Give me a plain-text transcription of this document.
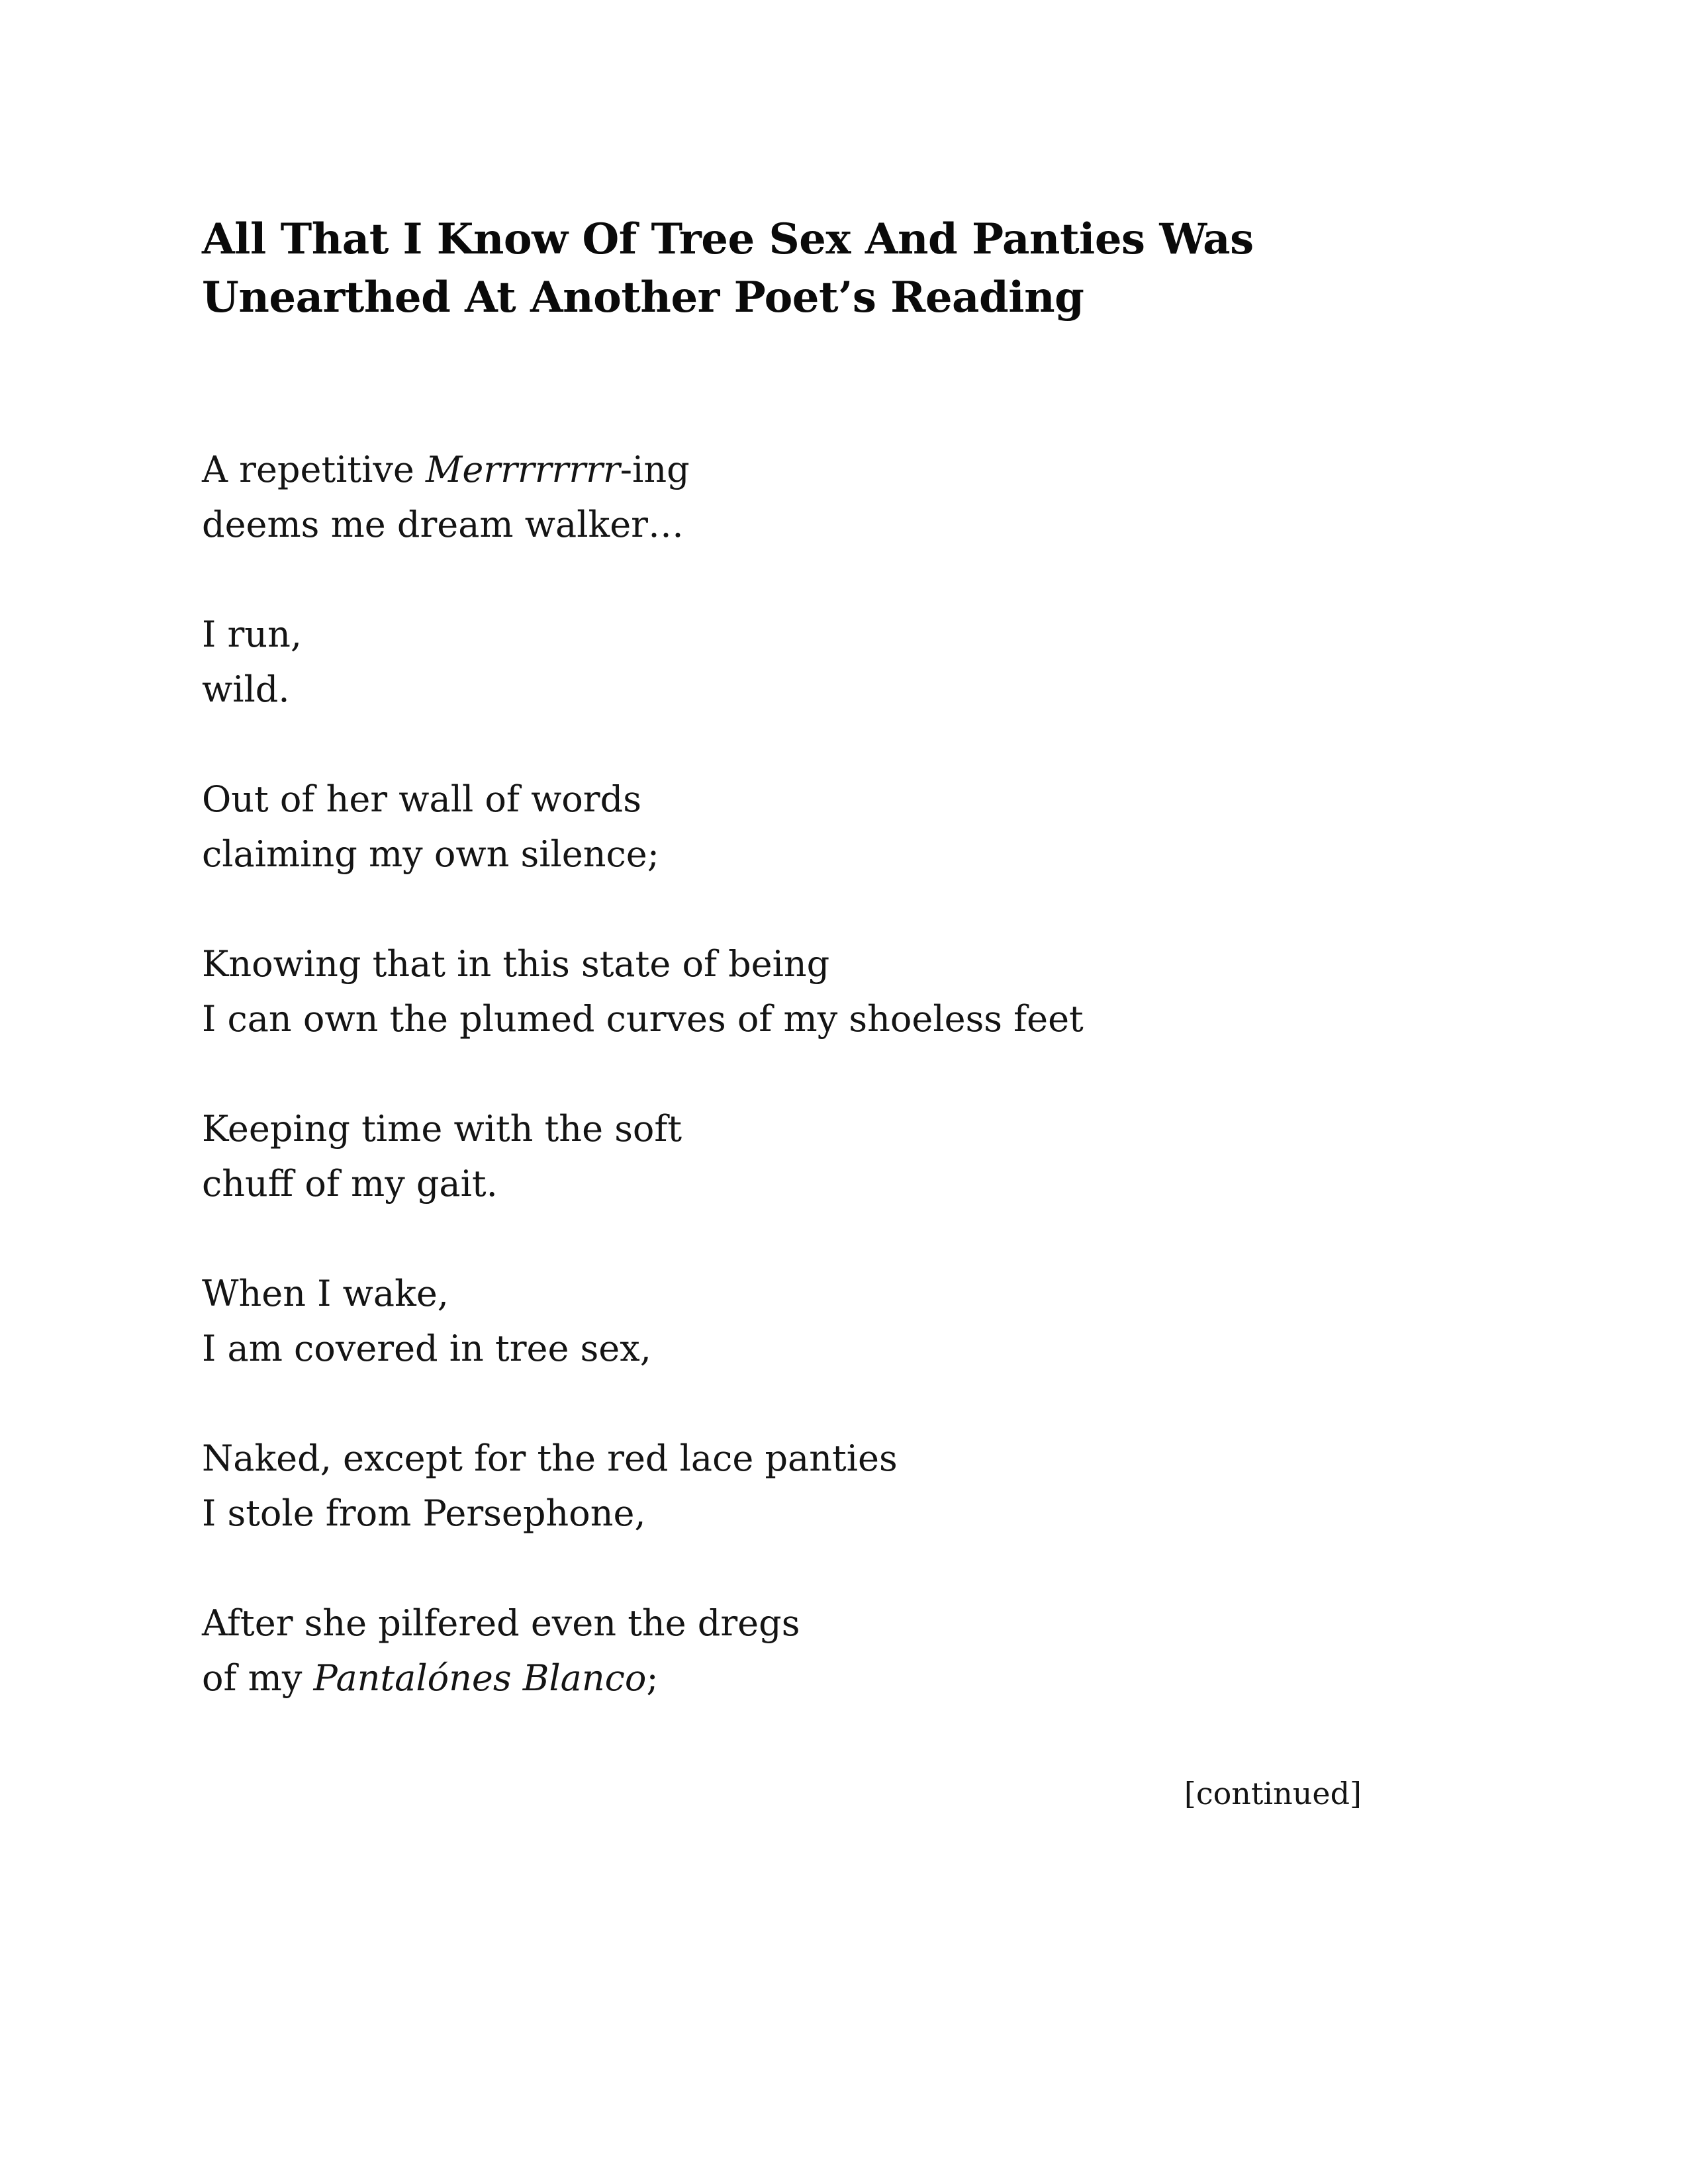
All That I Know Of Tree Sex And Panties Was
Unearthed At Another Poet’s Reading
A repetitive Merrrrrrrr-ing
deems me dream walker…
I run,
wild.
Out of her wall of words
claiming my own silence;
Knowing that in this state of being
I can own the plumed curves of my shoeless feet
Keeping time with the soft
chuff of my gait.
When I wake,
I am covered in tree sex,
Naked, except for the red lace panties
I stole from Persephone,
After she pilfered even the dregs
of my Pantalónes Blanco;
[continued]
